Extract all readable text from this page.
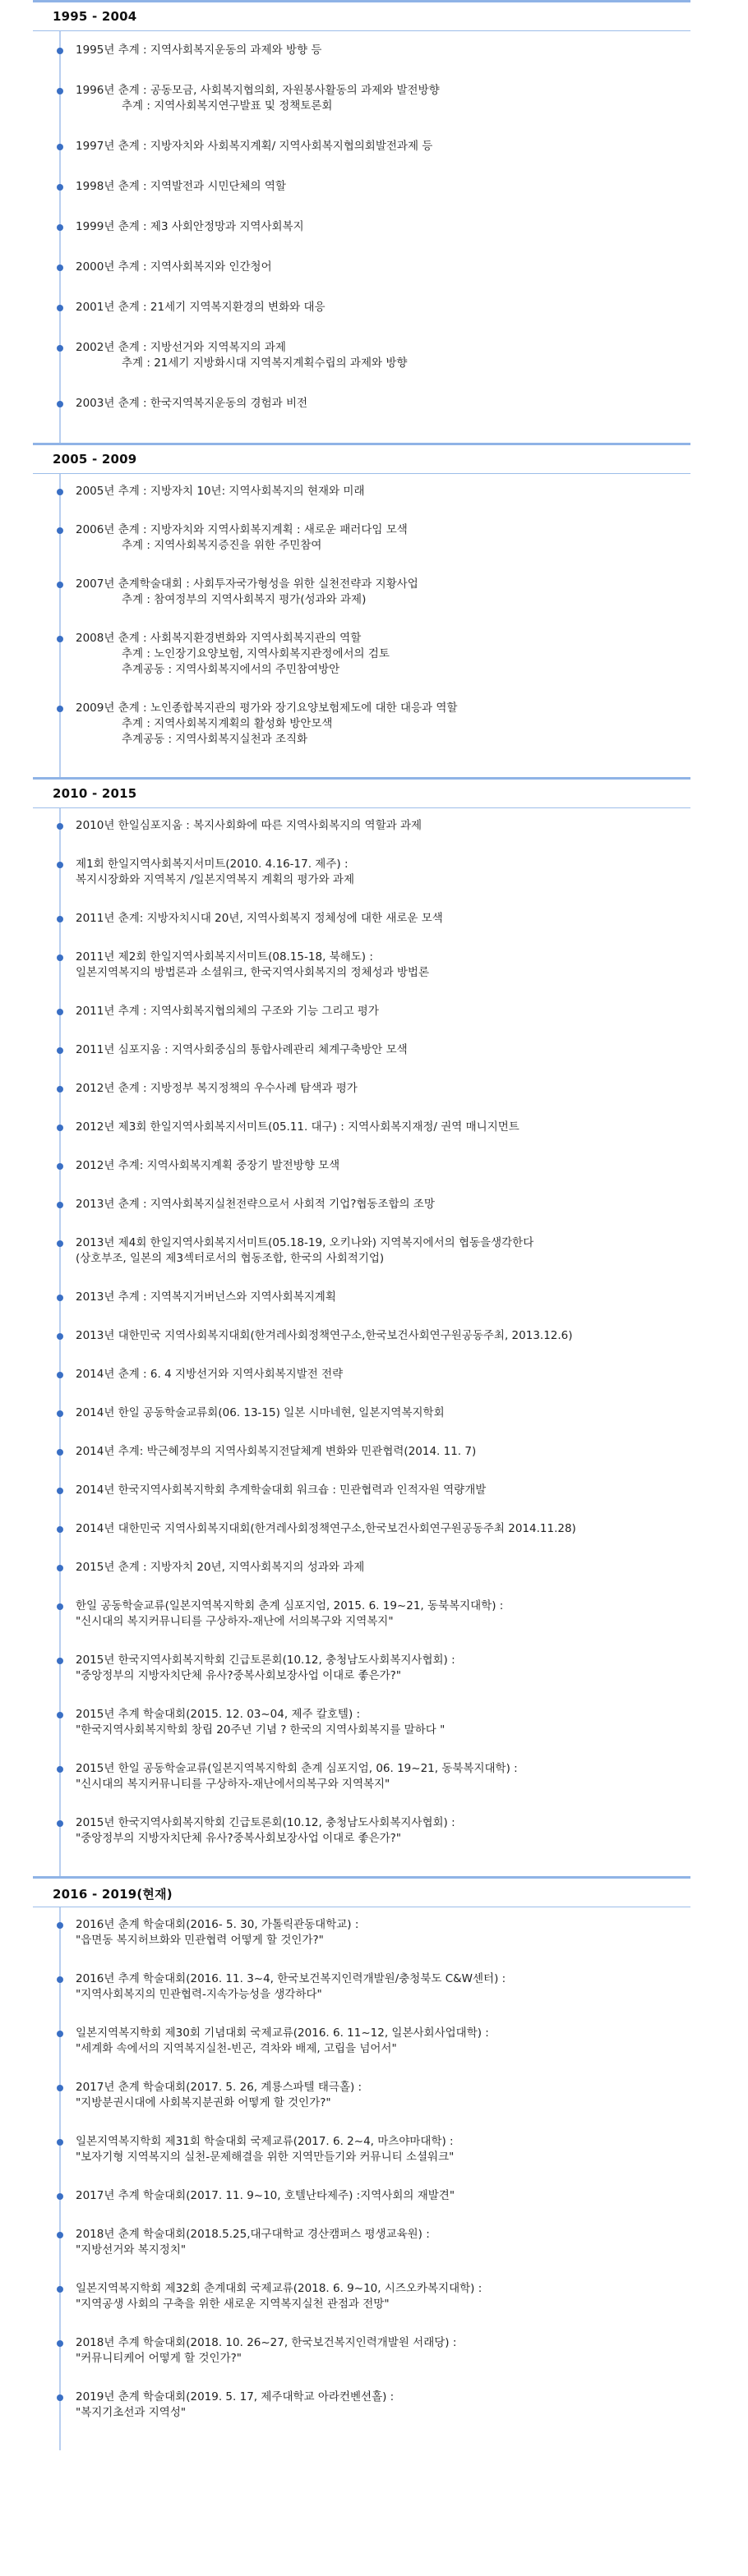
1995 - 2004
1995년 추계 : 지역사회복지운동의 과제와 방향 등
1996년 춘계 : 공동모금, 사회복지협의회, 자원봉사활동의 과제와 발전방향
추계 : 지역사회복지연구발표 및 정책토론회
1997년 춘계 : 지방자치와 사회복지계획/ 지역사회복지협의회발전과제 등
1998년 춘계 : 지역발전과 시민단체의 역할
1999년 춘계 : 제3 사회안정망과 지역사회복지
2000년 추계 : 지역사회복지와 인간청어
2001년 춘계 : 21세기 지역복지환경의 변화와 대응
2002년 춘계 : 지방선거와 지역복지의 과제
추계 : 21세기 지방화시대 지역복지계획수립의 과제와 방향
2003년 춘계 : 한국지역복지운동의 경험과 비전
2005 - 2009
2005년 추계 : 지방자치 10년: 지역사회복지의 현재와 미래
2006년 춘계 : 지방자치와 지역사회복지계획 : 새로운 패러다임 모색
추계 : 지역사회복지증진을 위한 주민참여
2007년 춘계학술대회 : 사회투자국가형성을 위한 실천전략과 지황사업
추계 : 참여정부의 지역사회복지 평가(성과와 과제)
2008년 춘계 : 사회복지환경변화와 지역사회복지관의 역할
추계 : 노인장기요양보험, 지역사회복지관정에서의 검토
추계공동 : 지역사회복지에서의 주민참여방안
2009년 춘계 : 노인종합복지관의 평가와 장기요양보험제도에 대한 대응과 역할
추계 : 지역사회복지계획의 활성화 방안모색
추계공동 : 지역사회복지실천과 조직화
2010 - 2015
2010년 한일심포지움 : 복지사회화에 따른 지역사회복지의 역할과 과제
제1회 한일지역사회복지서미트(2010. 4.16-17. 제주) :
복지시장화와 지역복지 /일본지역복지 계획의 평가와 과제
2011년 춘계: 지방자치시대 20년, 지역사회복지 정체성에 대한 새로운 모색
2011년 제2회 한일지역사회복지서미트(08.15-18, 북해도) :
일본지역복지의 방법론과 소셜워크, 한국지역사회복지의 정체성과 방법론
2011년 추계 : 지역사회복지협의체의 구조와 기능 그리고 평가
2011년 심포지움 : 지역사회중심의 통합사례관리 체계구축방안 모색
2012년 춘계 : 지방정부 복지정책의 우수사례 탐색과 평가
2012년 제3회 한일지역사회복지서미트(05.11. 대구) : 지역사회복지재정/ 권역 매니지먼트
2012년 추계: 지역사회복지계획 중장기 발전방향 모색
2013년 춘계 : 지역사회복지실천전략으로서 사회적 기업?협동조합의 조망
2013년 제4회 한일지역사회복지서미트(05.18-19, 오키나와) 지역복지에서의 협동을생각한다
(상호부조, 일본의 제3섹터로서의 협동조합, 한국의 사회적기업)
2013년 추계 : 지역복지거버넌스와 지역사회복지계획
2013년 대한민국 지역사회복지대회(한겨레사회정책연구소,한국보건사회연구원공동주최, 2013.12.6)
2014년 춘계 : 6. 4 지방선거와 지역사회복지발전 전략
2014년 한일 공동학술교류회(06. 13-15) 일본 시마네현, 일본지역복지학회
2014년 추계: 박근혜정부의 지역사회복지전달체계 변화와 민관협력(2014. 11. 7)
2014년 한국지역사회복지학회 추계학술대회 워크숍 : 민관협력과 인적자원 역량개발
2014년 대한민국 지역사회복지대회(한겨레사회정책연구소,한국보건사회연구원공동주최 2014.11.28)
2015년 춘계 : 지방자치 20년, 지역사회복지의 성과와 과제
한일 공동학술교류(일본지역복지학회 춘계 심포지엄, 2015. 6. 19~21, 동북복지대학) :
"신시대의 복지커뮤니티를 구상하자-재난에 서의복구와 지역복지"
2015년 한국지역사회복지학회 긴급토론회(10.12, 충청남도사회복지사협회) :
"중앙정부의 지방자치단체 유사?중복사회보장사업 이대로 좋은가?"
2015년 추계 학술대회(2015. 12. 03~04, 제주 칼호텔) :
"한국지역사회복지학회 창립 20주년 기념 ? 한국의 지역사회복지를 말하다 "
2015년 한일 공동학술교류(일본지역복지학회 춘계 심포지엄, 06. 19~21, 동북복지대학) :
"신시대의 복지커뮤니티를 구상하자-재난에서의복구와 지역복지"
2015년 한국지역사회복지학회 긴급토론회(10.12, 충청남도사회복지사협회) :
"중앙정부의 지방자치단체 유사?중복사회보장사업 이대로 좋은가?"
2016 - 2019(현재)
2016년 춘계 학술대회(2016- 5. 30, 가톨릭관동대학교) :
"읍면동 복지허브화와 민관협력 어떻게 할 것인가?"
2016년 추계 학술대회(2016. 11. 3~4, 한국보건복지인력개발원/충청북도 C&W센터) :
"지역사회복지의 민관협력-지속가능성을 생각하다"
일본지역복지학회 제30회 기념대회 국제교류(2016. 6. 11~12, 일본사회사업대학) :
"세계화 속에서의 지역복지실천-빈곤, 격차와 배제, 고립을 넘어서"
2017년 춘계 학술대회(2017. 5. 26, 계룡스파텔 태극홀) :
"지방분권시대에 사회복지분권화 어떻게 할 것인가?"
일본지역복지학회 제31회 학술대회 국제교류(2017. 6. 2~4, 마츠야마대학) :
"보자기형 지역복지의 실천-문제해결을 위한 지역만들기와 커뮤니티 소셜워크"
2017년 추계 학술대회(2017. 11. 9~10, 호텔난타제주) :지역사회의 재발견"
2018년 춘계 학술대회(2018.5.25,대구대학교 경산캠퍼스 평생교육원) :
"지방선거와 복지정치"
일본지역복지학회 제32회 춘계대회 국제교류(2018. 6. 9~10, 시즈오카복지대학) :
"지역공생 사회의 구축을 위한 새로운 지역복지실천 관점과 전망"
2018년 추계 학술대회(2018. 10. 26~27, 한국보건복지인력개발원 서래당) :
"커뮤니티케어 어떻게 할 것인가?"
2019년 춘계 학술대회(2019. 5. 17, 제주대학교 아라컨벤션홀) :
"복지기초선과 지역성"
